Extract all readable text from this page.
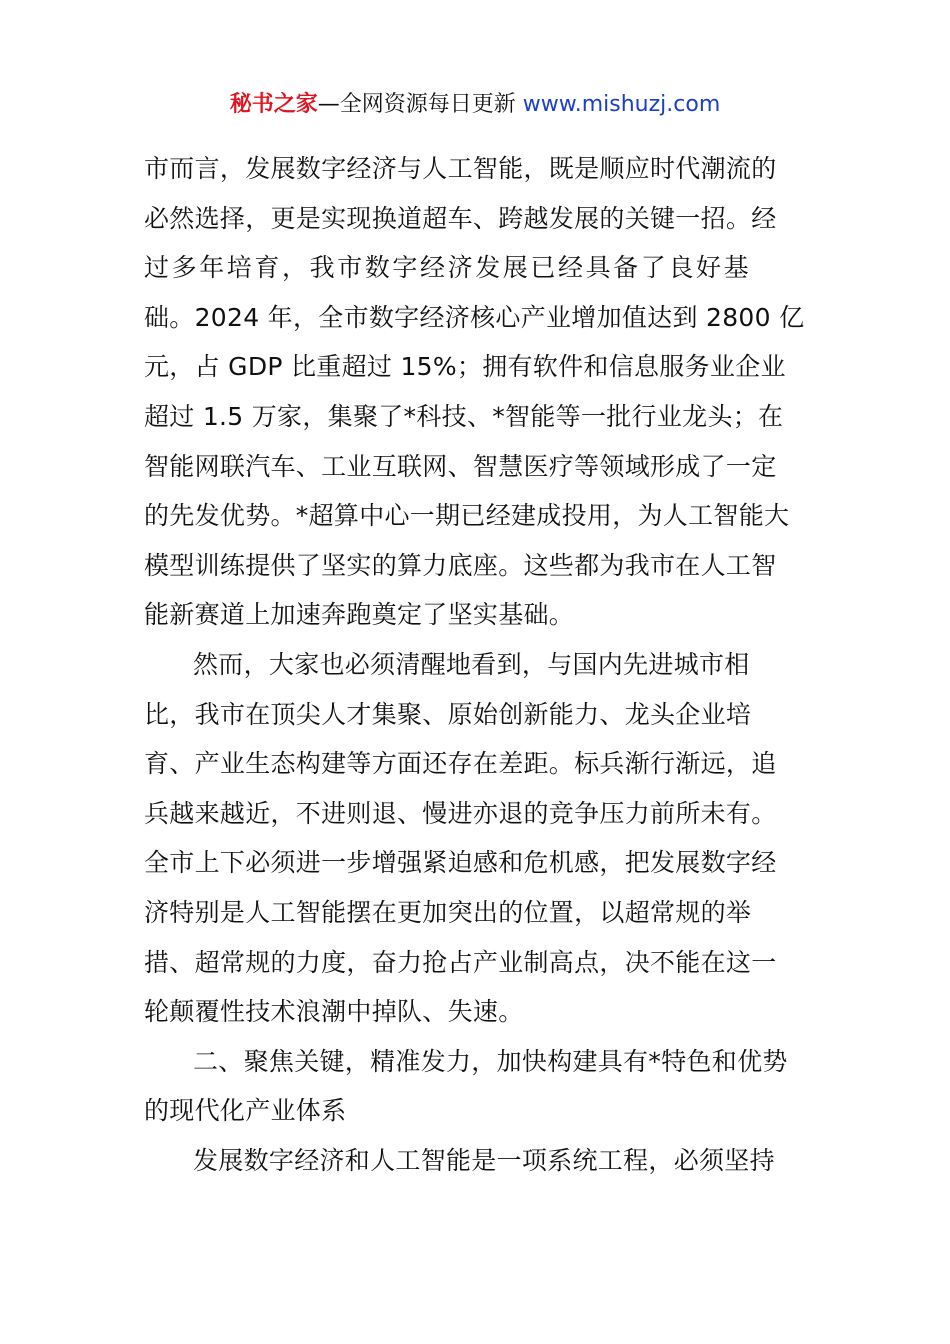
秘书之家—全网资源每日更新 www.mishuzj.com
市而言，发展数字经济与人工智能，既是顺应时代潮流的
必然选择，更是实现换道超车、跨越发展的关键一招。经
过多年培育，我市数字经济发展已经具备了良好基
础。2024 年，全市数字经济核心产业增加值达到 2800 亿
元，占 GDP 比重超过 15%；拥有软件和信息服务业企业
超过 1.5 万家，集聚了*科技、*智能等一批行业龙头；在
智能网联汽车、工业互联网、智慧医疗等领域形成了一定
的先发优势。*超算中心一期已经建成投用，为人工智能大
模型训练提供了坚实的算力底座。这些都为我市在人工智
能新赛道上加速奔跑奠定了坚实基础。
然而，大家也必须清醒地看到，与国内先进城市相
比，我市在顶尖人才集聚、原始创新能力、龙头企业培
育、产业生态构建等方面还存在差距。标兵渐行渐远，追
兵越来越近，不进则退、慢进亦退的竞争压力前所未有。
全市上下必须进一步增强紧迫感和危机感，把发展数字经
济特别是人工智能摆在更加突出的位置，以超常规的举
措、超常规的力度，奋力抢占产业制高点，决不能在这一
轮颠覆性技术浪潮中掉队、失速。
二、聚焦关键，精准发力，加快构建具有*特色和优势
的现代化产业体系
发展数字经济和人工智能是一项系统工程，必须坚持
